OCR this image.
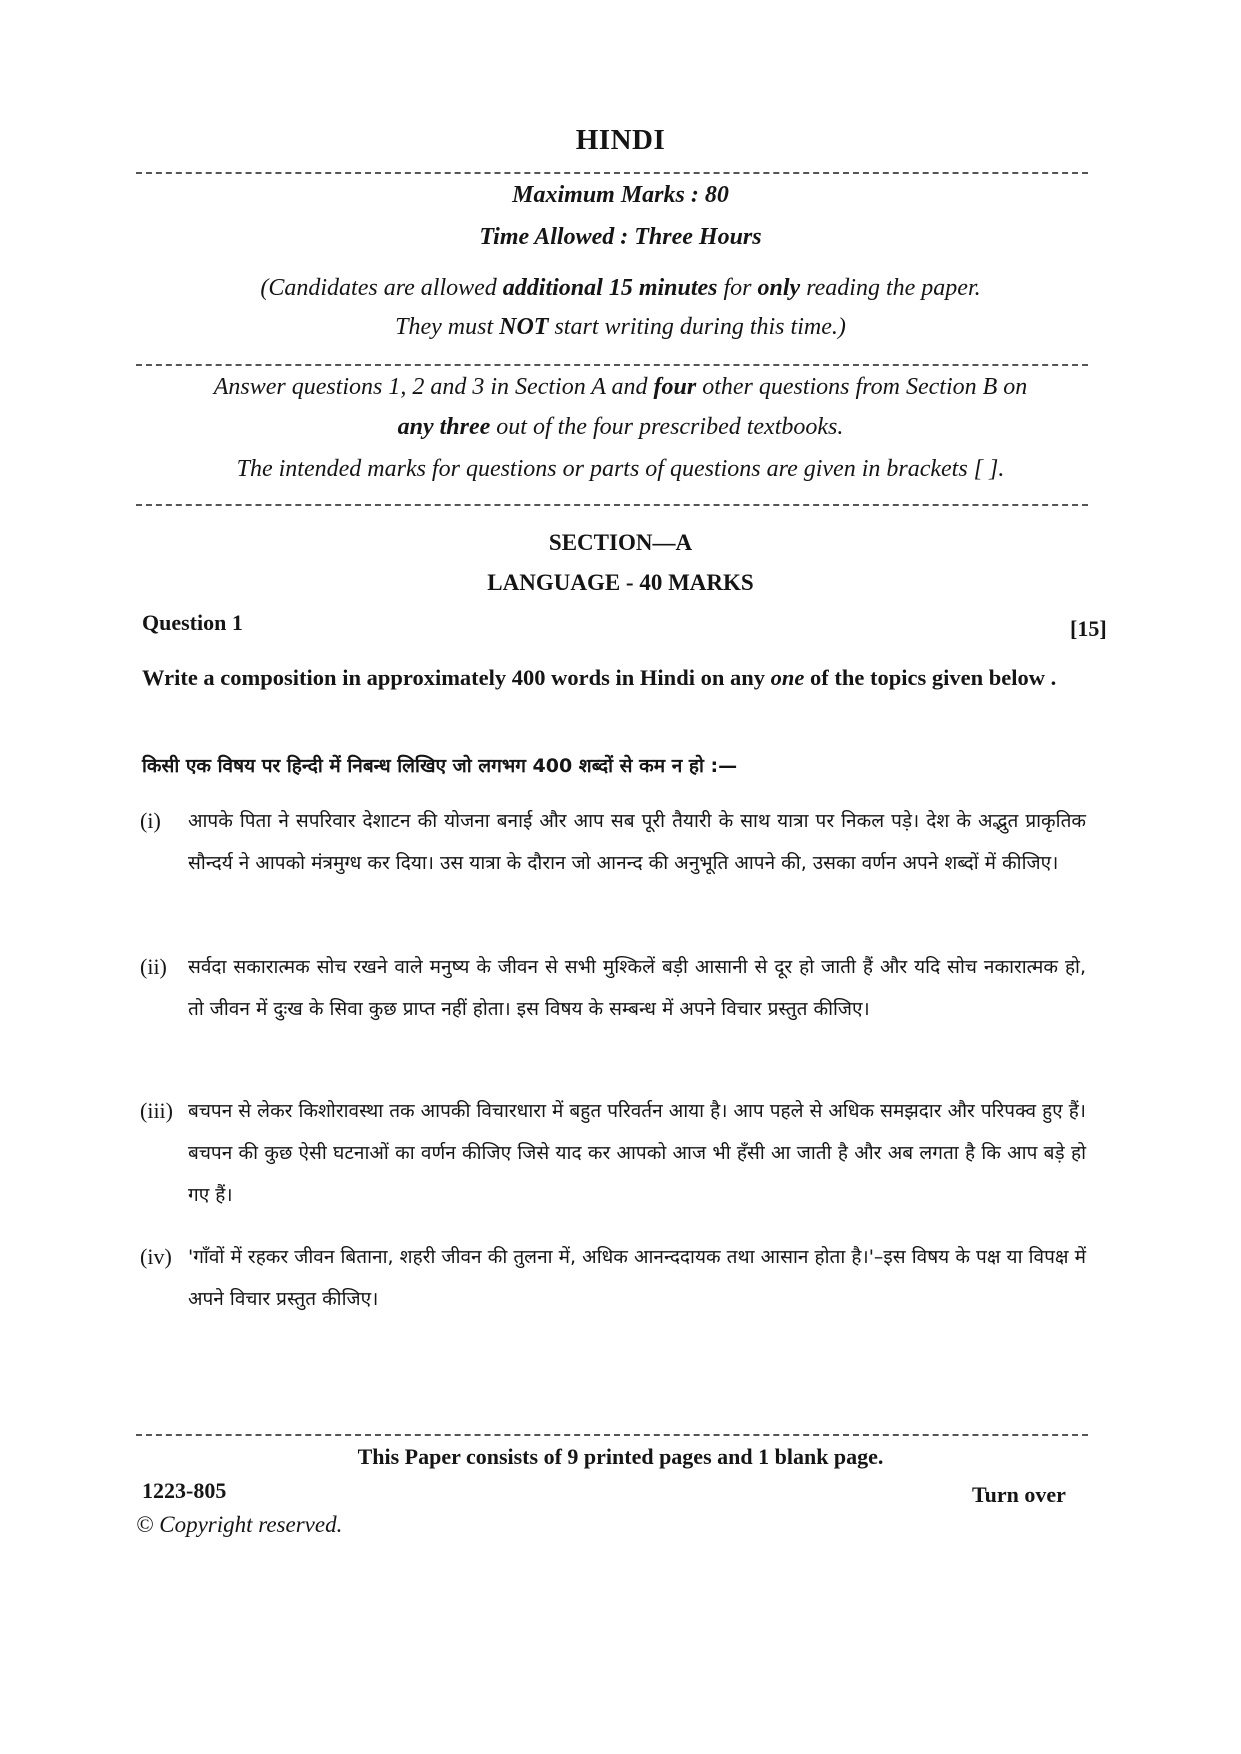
HINDI
Maximum Marks : 80
Time Allowed : Three Hours
(Candidates are allowed additional 15 minutes for only reading the paper.
They must NOT start writing during this time.)
Answer questions 1, 2 and 3 in Section A and four other questions from Section B on
any three out of the four prescribed textbooks.
The intended marks for questions or parts of questions are given in brackets [ ].
SECTION—A
LANGUAGE - 40 MARKS
Question 1	[15]
Write a composition in approximately 400 words in Hindi on any one of the topics given below .
किसी एक विषय पर हिन्दी में निबन्ध लिखिए जो लगभग 400 शब्दों से कम न हो :—
(i) आपके पिता ने सपरिवार देशाटन की योजना बनाई और आप सब पूरी तैयारी के साथ यात्रा पर निकल पड़े। देश के अद्भुत प्राकृतिक सौन्दर्य ने आपको मंत्रमुग्ध कर दिया। उस यात्रा के दौरान जो आनन्द की अनुभूति आपने की, उसका वर्णन अपने शब्दों में कीजिए।
(ii) सर्वदा सकारात्मक सोच रखने वाले मनुष्य के जीवन से सभी मुश्किलें बड़ी आसानी से दूर हो जाती हैं और यदि सोच नकारात्मक हो, तो जीवन में दुःख के सिवा कुछ प्राप्त नहीं होता। इस विषय के सम्बन्ध में अपने विचार प्रस्तुत कीजिए।
(iii) बचपन से लेकर किशोरावस्था तक आपकी विचारधारा में बहुत परिवर्तन आया है। आप पहले से अधिक समझदार और परिपक्व हुए हैं। बचपन की कुछ ऐसी घटनाओं का वर्णन कीजिए जिसे याद कर आपको आज भी हँसी आ जाती है और अब लगता है कि आप बड़े हो गए हैं।
(iv) 'गाँवों में रहकर जीवन बिताना, शहरी जीवन की तुलना में, अधिक आनन्ददायक तथा आसान होता है।'–इस विषय के पक्ष या विपक्ष में अपने विचार प्रस्तुत कीजिए।
This Paper consists of 9 printed pages and 1 blank page.
1223-805	Turn over
© Copyright reserved.
